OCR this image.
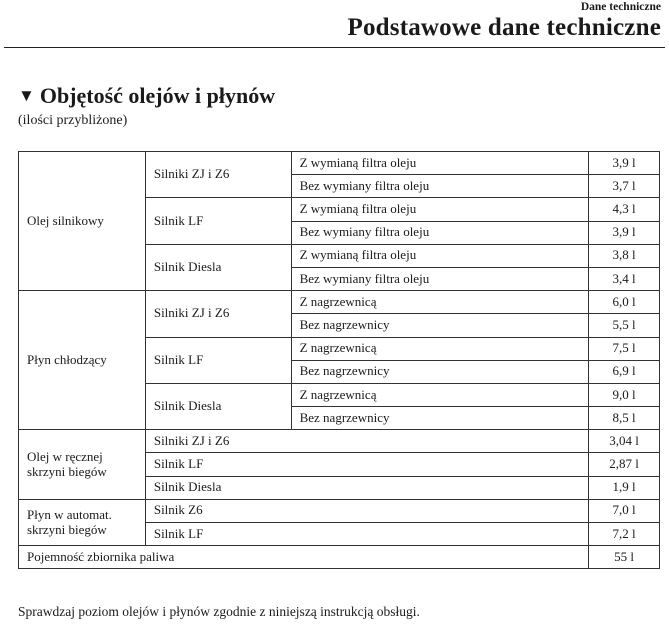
Dane techniczne
Podstawowe dane techniczne
▼ Objętość olejów i płynów
(ilości przybliżone)
Olej silnikowy	Silniki ZJ i Z6	Z wymianą filtra oleju	3,9 l
		Bez wymiany filtra oleju	3,7 l
	Silnik LF	Z wymianą filtra oleju	4,3 l
		Bez wymiany filtra oleju	3,9 l
	Silnik Diesla	Z wymianą filtra oleju	3,8 l
		Bez wymiany filtra oleju	3,4 l
Płyn chłodzący	Silniki ZJ i Z6	Z nagrzewnicą	6,0 l
		Bez nagrzewnicy	5,5 l
	Silnik LF	Z nagrzewnicą	7,5 l
		Bez nagrzewnicy	6,9 l
	Silnik Diesla	Z nagrzewnicą	9,0 l
		Bez nagrzewnicy	8,5 l
Olej w ręcznej
skrzyni biegów	Silniki ZJ i Z6		3,04 l
	Silnik LF		2,87 l
	Silnik Diesla		1,9 l
Płyn w automat.
skrzyni biegów	Silnik Z6		7,0 l
	Silnik LF		7,2 l
Pojemność zbiornika paliwa			55 l
Sprawdzaj poziom olejów i płynów zgodnie z niniejszą instrukcją obsługi.
